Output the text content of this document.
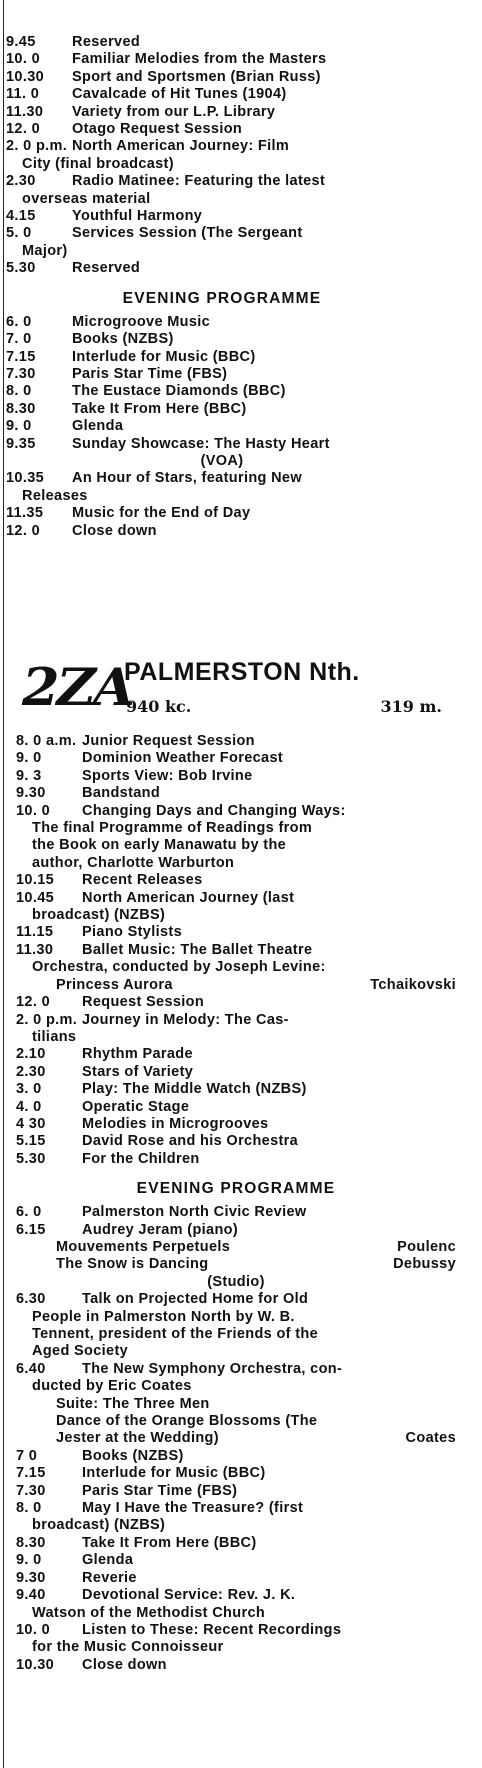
9.45	Reserved
10. 0 Familiar Melodies from the Masters
10.30 Sport and Sportsmen (Brian Russ)
11. 0 Cavalcade of Hit Tunes (1904)
11.30 Variety from our L.P. Library
12. 0 Otago Request Session
2. 0 p.m. North American Journey: Film
City (final broadcast)
2.30	Radio Matinee: Featuring the latest
overseas material
4.15	Youthful Harmony
5. 0	Services Session (The Sergeant
Major)
5.30	Reserved
EVENING PROGRAMME
6. 0	Microgroove Music
7. 0	Books (NZBS)
7.15	Interlude for Music (BBC)
7.30	Paris Star Time (FBS)
8. 0	The Eustace Diamonds (BBC)
8.30	Take It From Here (BBC)
9. 0	Glenda
9.35	Sunday Showcase: The Hasty Heart
(VOA)
10.35 An Hour of Stars, featuring New
Releases
11.35 Music for the End of Day
12. 0 Close down
2ZA
PALMERSTON Nth.
940 kc.	319 m.
8. 0 a.m. Junior Request Session
9. 0	Dominion Weather Forecast
9. 3	Sports View: Bob Irvine
9.30	Bandstand
10. 0 Changing Days and Changing Ways:
The final Programme of Readings from
the Book on early Manawatu by the
author, Charlotte Warburton
10.15 Recent Releases
10.45 North American Journey (last
broadcast) (NZBS)
11.15 Piano Stylists
11.30 Ballet Music: The Ballet Theatre
Orchestra, conducted by Joseph Levine:
Princess Aurora	Tchaikovski
12. 0 Request Session
2. 0 p.m. Journey in Melody: The Cas-
tilians
2.10	Rhythm Parade
2.30	Stars of Variety
3. 0	Play: The Middle Watch (NZBS)
4. 0	Operatic Stage
4 30	Melodies in Microgrooves
5.15	David Rose and his Orchestra
5.30	For the Children
EVENING PROGRAMME
6. 0	Palmerston North Civic Review
6.15	Audrey Jeram (piano)
Mouvements Perpetuels	Poulenc
The Snow is Dancing	Debussy
(Studio)
6.30	Talk on Projected Home for Old
People in Palmerston North by W. B.
Tennent, president of the Friends of the
Aged Society
6.40	The New Symphony Orchestra, con-
ducted by Eric Coates
Suite: The Three Men
Dance of the Orange Blossoms (The
Jester at the Wedding)	Coates
7 0	Books (NZBS)
7.15	Interlude for Music (BBC)
7.30	Paris Star Time (FBS)
8. 0	May I Have the Treasure? (first
broadcast) (NZBS)
8.30	Take It From Here (BBC)
9. 0	Glenda
9.30	Reverie
9.40	Devotional Service: Rev. J. K.
Watson of the Methodist Church
10. 0 Listen to These: Recent Recordings
for the Music Connoisseur
10.30 Close down
